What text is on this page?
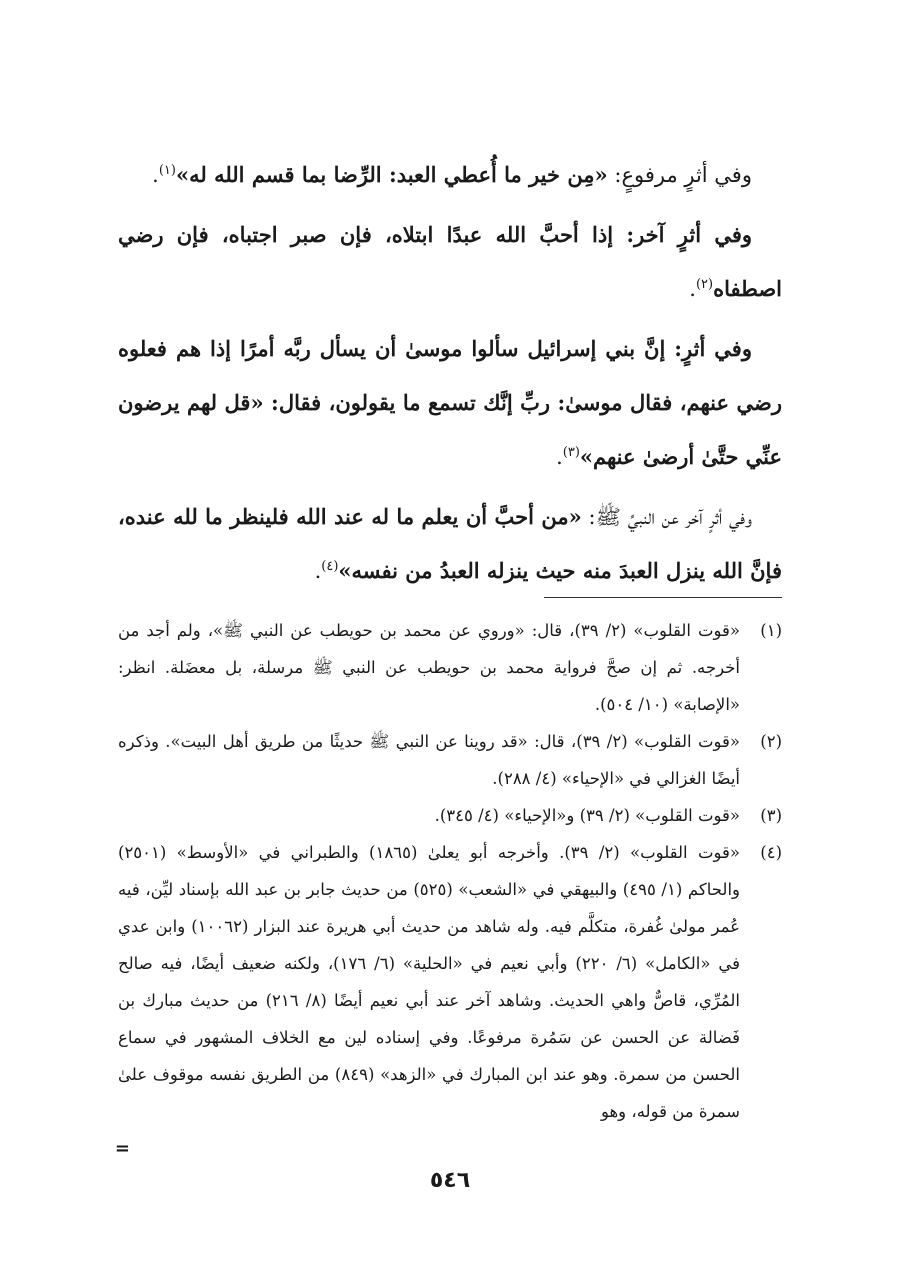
وفي أثرٍ مرفوعٍ: «مِن خير ما أُعطي العبد: الرِّضا بما قسم الله له»$^{(١)}$.

وفي أثرٍ آخر: إذا أحبَّ الله عبدًا ابتلاه، فإن صبر اجتباه، فإن رضي اصطفاه$^{(٢)}$.

وفي أثرٍ: إنَّ بني إسرائيل سألوا موسىٰ أن يسأل ربَّه أمرًا إذا هم فعلوه رضي عنهم، فقال موسىٰ: ربِّ إنَّك تسمع ما يقولون، فقال: «قل لهم يرضون عنِّي حتَّىٰ أرضىٰ عنهم»$^{(٣)}$.

وفي أثرٍ آخر عن النبيِّ ﷺ: «من أحبَّ أن يعلم ما له عند الله فلينظر ما لله عنده، فإنَّ الله ينزل العبدَ منه حيث ينزله العبدُ من نفسه»$^{(٤)}$.

(١)
«قوت القلوب» (٢/ ٣٩)، قال: «وروي عن محمد بن حويطب عن النبي ﷺ»، ولم أجد من أخرجه. ثم إن صحَّ فرواية محمد بن حويطب عن النبي ﷺ مرسلة، بل معضَلة. انظر: «الإصابة» (١٠/ ٥٠٤).
(٢)
«قوت القلوب» (٢/ ٣٩)، قال: «قد روينا عن النبي ﷺ حديثًا من طريق أهل البيت». وذكره أيضًا الغزالي في «الإحياء» (٤/ ٢٨٨).
(٣)
«قوت القلوب» (٢/ ٣٩) و«الإحياء» (٤/ ٣٤٥).
(٤)
«قوت القلوب» (٢/ ٣٩). وأخرجه أبو يعلىٰ (١٨٦٥) والطبراني في «الأوسط» (٢٥٠١) والحاكم (١/ ٤٩٥) والبيهقي في «الشعب» (٥٢٥) من حديث جابر بن عبد الله بإسناد ليِّن، فيه عُمر مولىٰ غُفرة، متكلَّم فيه. وله شاهد من حديث أبي هريرة عند البزار (١٠٠٦٢) وابن عدي في «الكامل» (٦/ ٢٢٠) وأبي نعيم في «الحلية» (٦/ ١٧٦)، ولكنه ضعيف أيضًا، فيه صالح المُرِّي، قاصٌّ واهي الحديث. وشاهد آخر عند أبي نعيم أيضًا (٨/ ٢١٦) من حديث مبارك بن فَضالة عن الحسن عن سَمُرة مرفوعًا. وفي إسناده لين مع الخلاف المشهور في سماع الحسن من سمرة. وهو عند ابن المبارك في «الزهد» (٨٤٩) من الطريق نفسه موقوف علىٰ سمرة من قوله، وهو
=
٥٤٦
